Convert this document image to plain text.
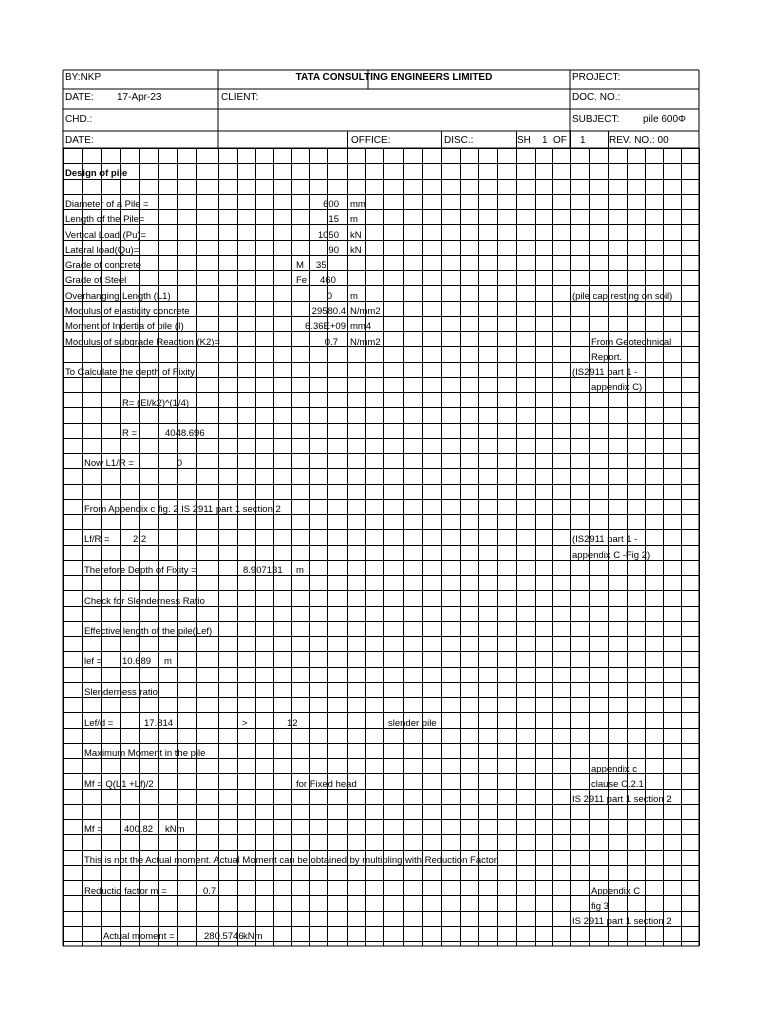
BY:NKP	TATA CONSULTING ENGINEERS LIMITED	PROJECT:
DATE: 17-Apr-23	CLIENT:	DOC. NO.:
CHD.:	SUBJECT: pile 600Φ
DATE:	OFFICE:	DISC.:	SH 1 OF 1 REV. NO.: 00
Design of pile
Diameter of a Pile =	600 mm
Length of the Pile=	15 m
Vertical Load (Pu)=	1050 kN
Lateral load(Qu)=	90 kN
Grade of concrete	M 35
Grade of Steel	Fe 460
Overhanging Length (L1)	0 m	(pile cap resting on soil)
Modulus of elasticity concrete	29580.4 N/mm2
Moment of Indertia of pile (I)	6.36E+09 mm4
Modulus of subgrade Reaction (K2)=	0.7 N/mm2	From Geotechnical
Report.
To Calculate the depth of Fixity	(IS2911 part 1 -
appendix C)
R= (EI/k2)^(1/4)
R =	4048.696
Now L1/R =	0
From Appendix c fig. 2 IS 2911 part 1 section 2
Lf/R = 2.2	(IS2911 part 1 -
appendix C -Fig 2)
Therefore Depth of Fixity =	8.907131 m
Check for Slenderness Ratio
Effective length of the pile(Lef)
lef = 10.689 m
Slenderness ratio
Lef/d =	17.814	>	12	slender pile
Maximum Moment in the pile
appendix c
Mf = Q(L1 +Lf)/2	for Fixed head	clause C.2.1
IS 2911 part 1 section 2
Mf = 400.82 kNm
This is not the Actual moment. Actual Moment can be obtained by multipling with Reduction Factor.
Reductio factor m =	0.7	Appendix C
fig 3
IS 2911 part 1 section 2
Actual moment =	280.5746 kNm
